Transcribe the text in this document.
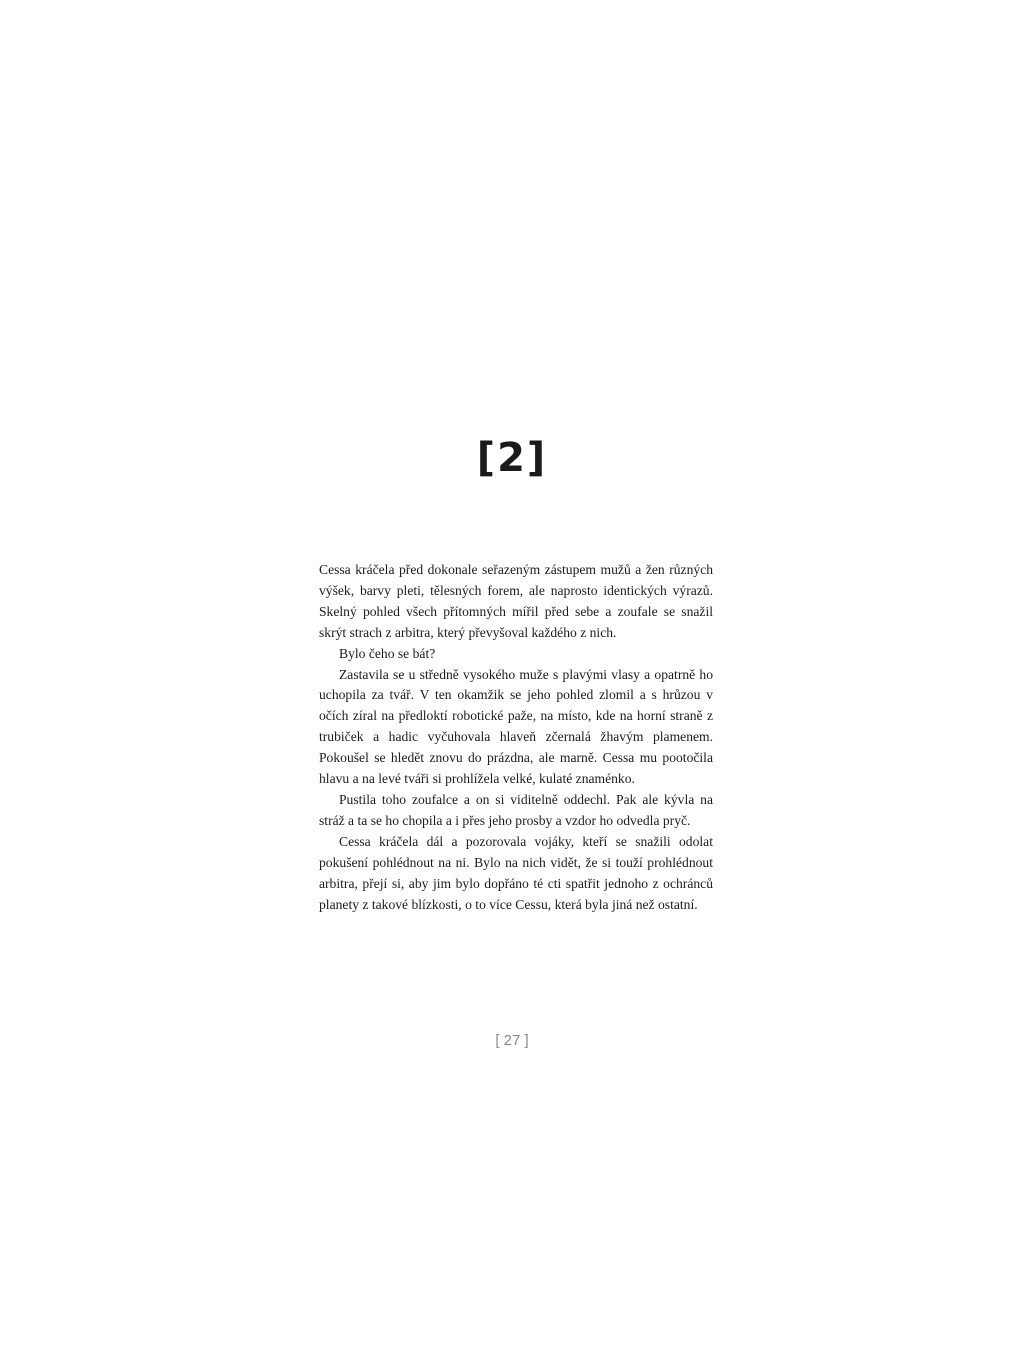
[2]

Cessa kráčela před dokonale seřazeným zástupem mužů a žen různých výšek, barvy pleti, tělesných forem, ale naprosto identických výrazů. Skelný pohled všech přítomných mířil před sebe a zoufale se snažil skrýt strach z arbitra, který převyšoval každého z nich.

Bylo čeho se bát?

Zastavila se u středně vysokého muže s plavými vlasy a opatrně ho uchopila za tvář. V ten okamžik se jeho pohled zlomil a s hrůzou v očích zíral na předloktí robotické paže, na místo, kde na horní straně z trubiček a hadic vyčuhovala hlaveň zčernalá žhavým plamenem. Pokoušel se hledět znovu do prázdna, ale marně. Cessa mu pootočila hlavu a na levé tváři si prohlížela velké, kulaté znaménko.

Pustila toho zoufalce a on si viditelně oddechl. Pak ale kývla na stráž a ta se ho chopila a i přes jeho prosby a vzdor ho odvedla pryč.

Cessa kráčela dál a pozorovala vojáky, kteří se snažili odolat pokušení pohlédnout na ni. Bylo na nich vidět, že si touží prohlédnout arbitra, přejí si, aby jim bylo dopřáno té cti spatřit jednoho z ochránců planety z takové blízkosti, o to více Cessu, která byla jiná než ostatní.

[ 27 ]
